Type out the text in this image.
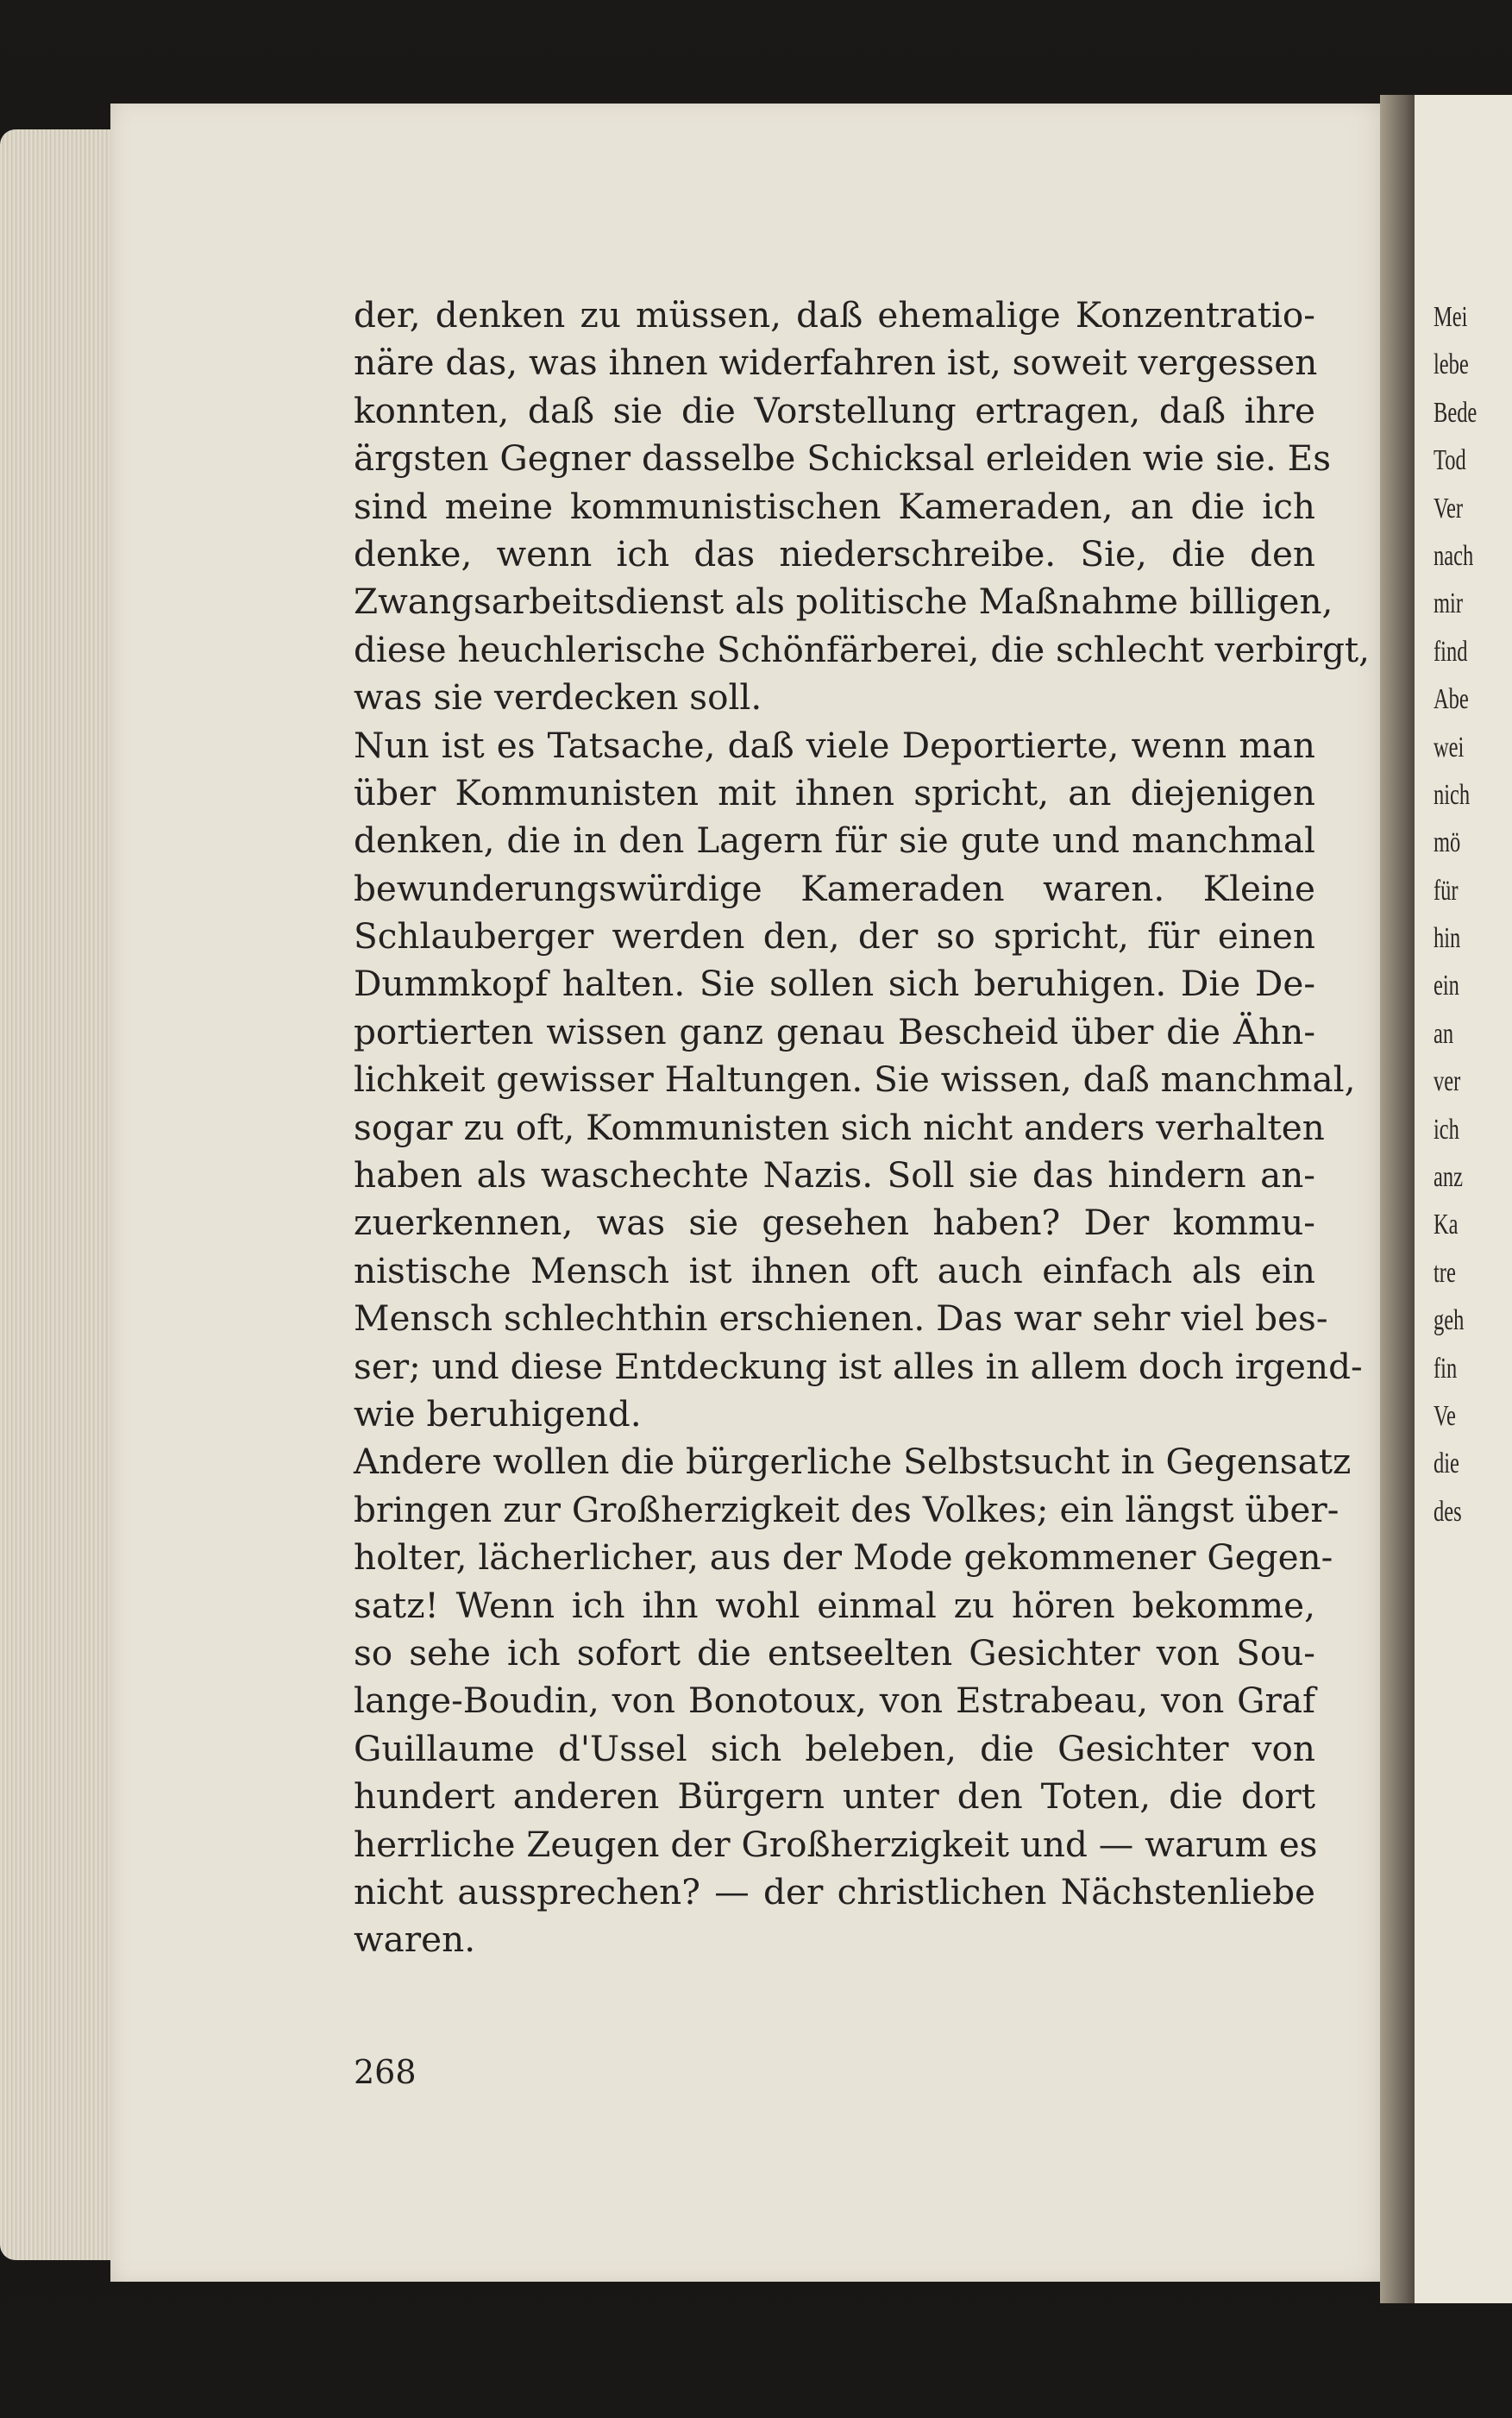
Mei
lebe
Bede
Tod
Ver
nach
mir
find
Abe
wei
nich
mö
für
hin
ein
an
ver
ich
anz
Ka
tre
geh
fin
Ve
die
des
der, denken zu müssen, daß ehemalige Konzentratio-
näre das, was ihnen widerfahren ist, soweit vergessen
konnten, daß sie die Vorstellung ertragen, daß ihre
ärgsten Gegner dasselbe Schicksal erleiden wie sie. Es
sind meine kommunistischen Kameraden, an die ich
denke, wenn ich das niederschreibe. Sie, die den
Zwangsarbeitsdienst als politische Maßnahme billigen,
diese heuchlerische Schönfärberei, die schlecht verbirgt,
was sie verdecken soll.
Nun ist es Tatsache, daß viele Deportierte, wenn man
über Kommunisten mit ihnen spricht, an diejenigen
denken, die in den Lagern für sie gute und manchmal
bewunderungswürdige Kameraden waren. Kleine
Schlauberger werden den, der so spricht, für einen
Dummkopf halten. Sie sollen sich beruhigen. Die De-
portierten wissen ganz genau Bescheid über die Ähn-
lichkeit gewisser Haltungen. Sie wissen, daß manchmal,
sogar zu oft, Kommunisten sich nicht anders verhalten
haben als waschechte Nazis. Soll sie das hindern an-
zuerkennen, was sie gesehen haben? Der kommu-
nistische Mensch ist ihnen oft auch einfach als ein
Mensch schlechthin erschienen. Das war sehr viel bes-
ser; und diese Entdeckung ist alles in allem doch irgend-
wie beruhigend.
Andere wollen die bürgerliche Selbstsucht in Gegensatz
bringen zur Großherzigkeit des Volkes; ein längst über-
holter, lächerlicher, aus der Mode gekommener Gegen-
satz! Wenn ich ihn wohl einmal zu hören bekomme,
so sehe ich sofort die entseelten Gesichter von Sou-
lange-Boudin, von Bonotoux, von Estrabeau, von Graf
Guillaume d'Ussel sich beleben, die Gesichter von
hundert anderen Bürgern unter den Toten, die dort
herrliche Zeugen der Großherzigkeit und — warum es
nicht aussprechen? — der christlichen Nächstenliebe
waren.
268
